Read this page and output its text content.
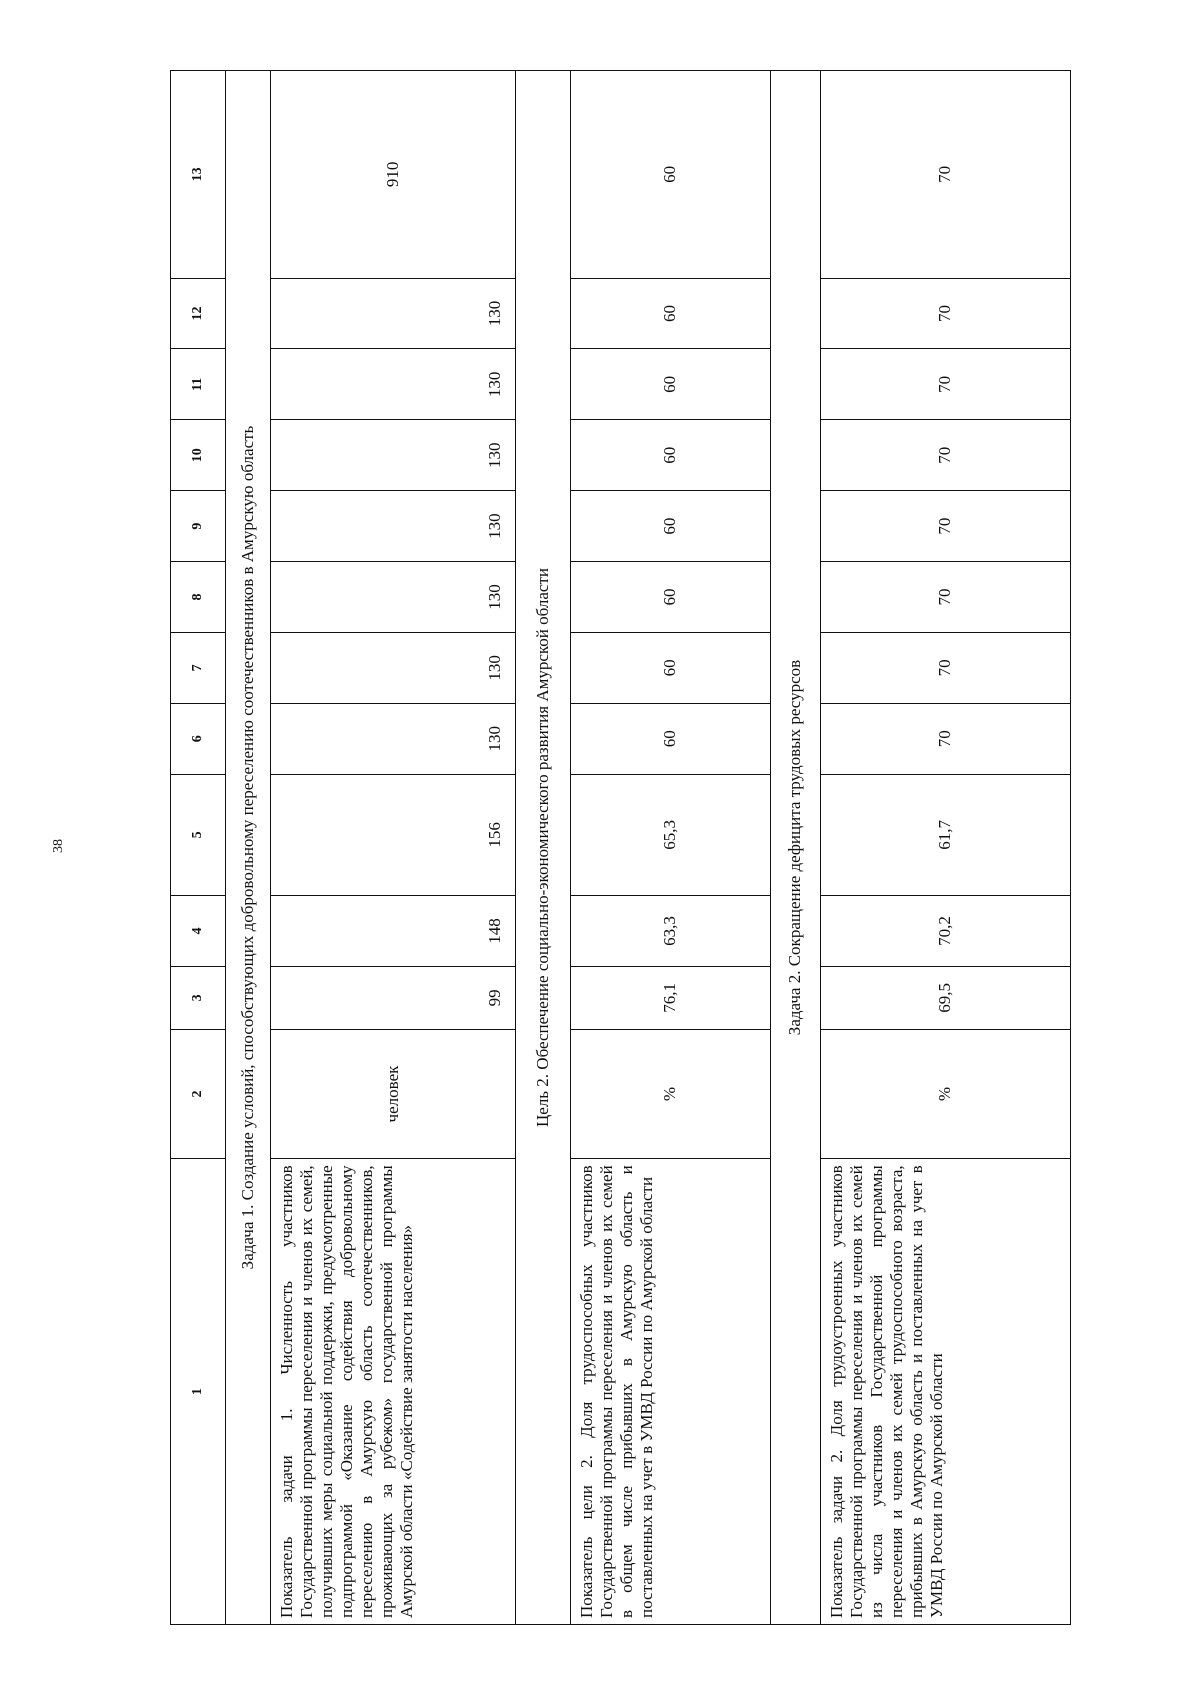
38
1	2	3	4	5	6	7	8	9	10	11	12	13
Задача 1. Создание условий, способствующих добровольному переселению соотечественников в Амурскую область												
Показатель задачи 1. Численность участников Государственной программы переселения и членов их семей, получивших меры социальной поддержки, предусмотренные подпрограммой «Оказание содействия добровольному переселению в Амурскую область соотечественников, проживающих за рубежом» государственной программы Амурской области «Содействие занятости населения»	человек	99	148	156	130	130	130	130	130	130	130	910
Цель 2. Обеспечение социально-экономического развития Амурской области												
Показатель цели 2. Доля трудоспособных участников Государственной программы переселения и членов их семей в общем числе прибывших в Амурскую область и поставленных на учет в УМВД России по Амурской области	%	76,1	63,3	65,3	60	60	60	60	60	60	60	60
Задача 2. Сокращение дефицита трудовых ресурсов												
Показатель задачи 2. Доля трудоустроенных участников Государственной программы переселения и членов их семей из числа участников Государственной программы переселения и членов их семей трудоспособного возраста, прибывших в Амурскую область и поставленных на учет в УМВД России по Амурской области	%	69,5	70,2	61,7	70	70	70	70	70	70	70	70
